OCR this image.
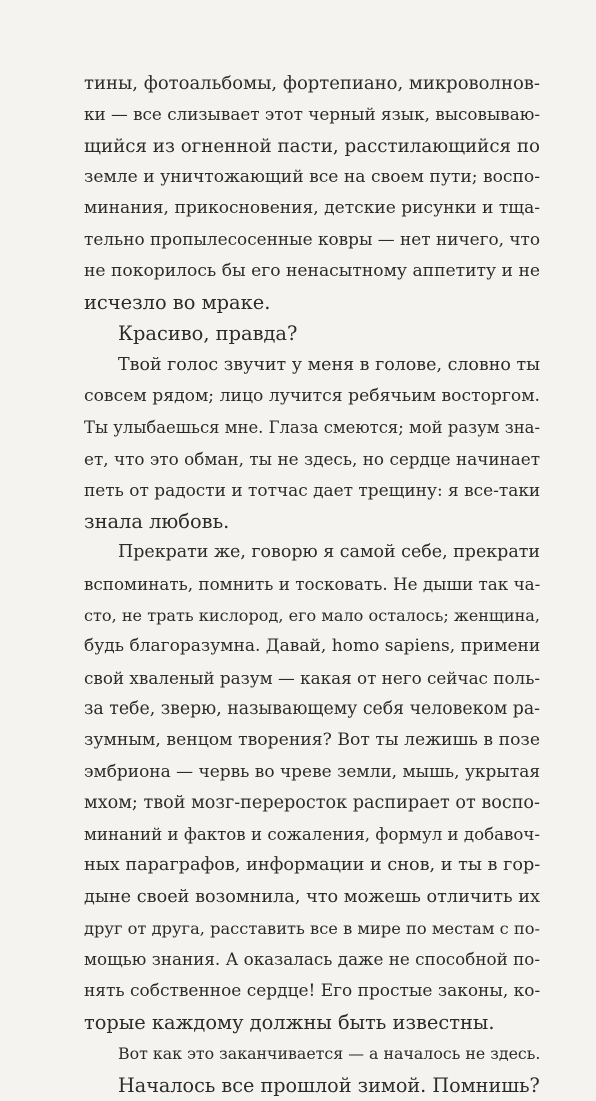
тины, фотоальбомы, фортепиано, микроволнов-
ки — все слизывает этот черный язык, высовываю-
щийся из огненной пасти, расстилающийся по
земле и уничтожающий все на своем пути; воспо-
минания, прикосновения, детские рисунки и тща-
тельно пропылесосенные ковры — нет ничего, что
не покорилось бы его ненасытному аппетиту и не
исчезло во мраке.
Красиво, правда?
Твой голос звучит у меня в голове, словно ты
совсем рядом; лицо лучится ребячьим восторгом.
Ты улыбаешься мне. Глаза смеются; мой разум зна-
ет, что это обман, ты не здесь, но сердце начинает
петь от радости и тотчас дает трещину: я все-таки
знала любовь.
Прекрати же, говорю я самой себе, прекрати
вспоминать, помнить и тосковать. Не дыши так ча-
сто, не трать кислород, его мало осталось; женщина,
будь благоразумна. Давай, homo sapiens, примени
свой хваленый разум — какая от него сейчас поль-
за тебе, зверю, называющему себя человеком ра-
зумным, венцом творения? Вот ты лежишь в позе
эмбриона — червь во чреве земли, мышь, укрытая
мхом; твой мозг-переросток распирает от воспо-
минаний и фактов и сожаления, формул и добавоч-
ных параграфов, информации и снов, и ты в гор-
дыне своей возомнила, что можешь отличить их
друг от друга, расставить все в мире по местам с по-
мощью знания. А оказалась даже не способной по-
нять собственное сердце! Его простые законы, ко-
торые каждому должны быть известны.
Вот как это заканчивается — а началось не здесь.
Началось все прошлой зимой. Помнишь?
